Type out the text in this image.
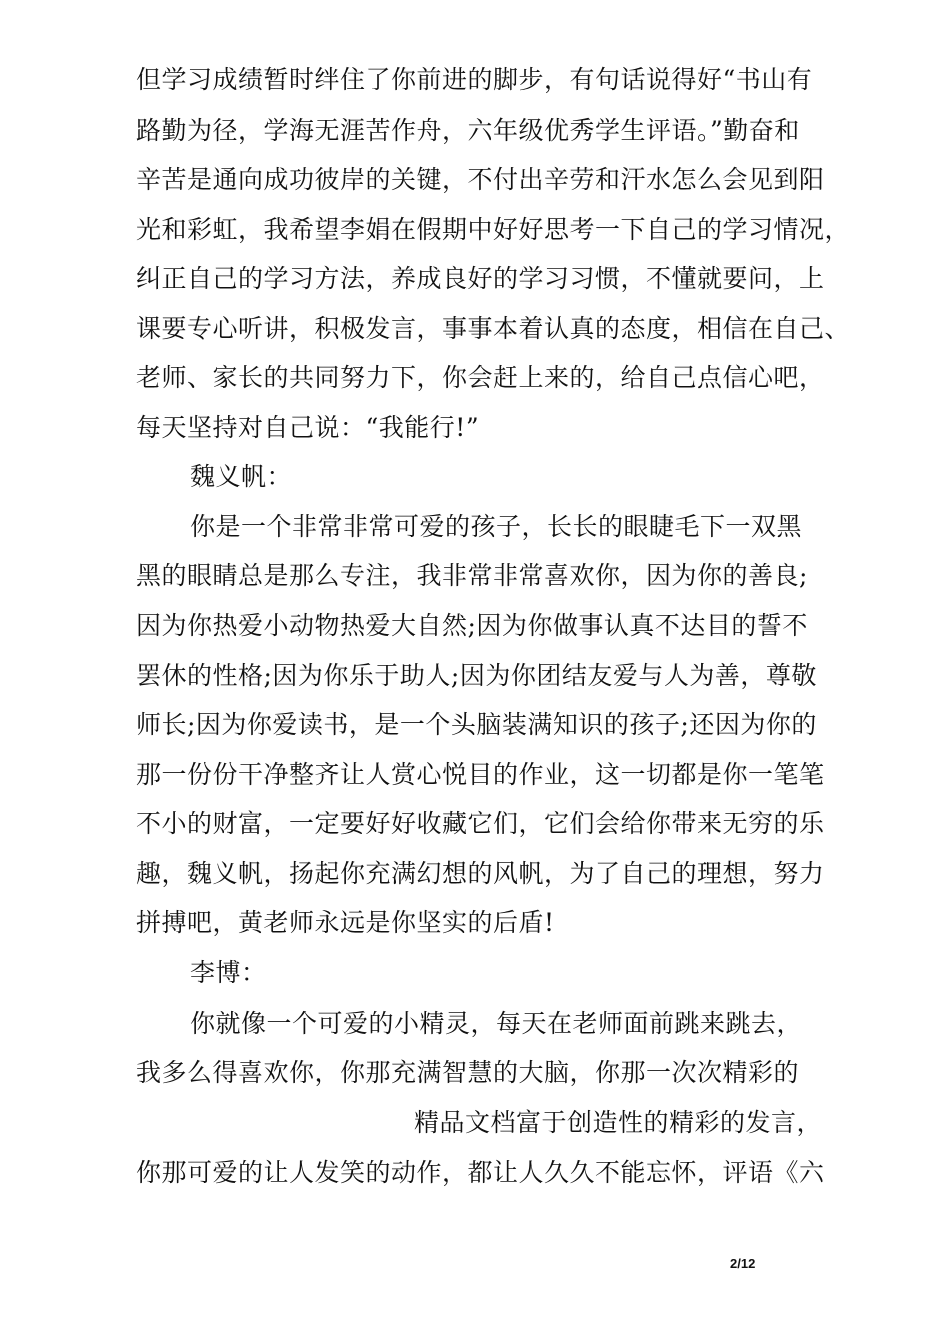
但学习成绩暂时绊住了你前进的脚步，有句话说得好“书山有
路勤为径，学海无涯苦作舟，六年级优秀学生评语。”勤奋和
辛苦是通向成功彼岸的关键，不付出辛劳和汗水怎么会见到阳
光和彩虹，我希望李娟在假期中好好思考一下自己的学习情况，
纠正自己的学习方法，养成良好的学习习惯，不懂就要问，上
课要专心听讲，积极发言，事事本着认真的态度，相信在自己、
老师、家长的共同努力下，你会赶上来的，给自己点信心吧，
每天坚持对自己说：“我能行!”
魏义帆：
你是一个非常非常可爱的孩子，长长的眼睫毛下一双黑
黑的眼睛总是那么专注，我非常非常喜欢你，因为你的善良;
因为你热爱小动物热爱大自然;因为你做事认真不达目的誓不
罢休的性格;因为你乐于助人;因为你团结友爱与人为善，尊敬
师长;因为你爱读书，是一个头脑装满知识的孩子;还因为你的
那一份份干净整齐让人赏心悦目的作业，这一切都是你一笔笔
不小的财富，一定要好好收藏它们，它们会给你带来无穷的乐
趣，魏义帆，扬起你充满幻想的风帆，为了自己的理想，努力
拼搏吧，黄老师永远是你坚实的后盾!
李博：
你就像一个可爱的小精灵，每天在老师面前跳来跳去，
我多么得喜欢你，你那充满智慧的大脑，你那一次次精彩的
精品文档富于创造性的精彩的发言，
你那可爱的让人发笑的动作，都让人久久不能忘怀，评语《六
2/12
